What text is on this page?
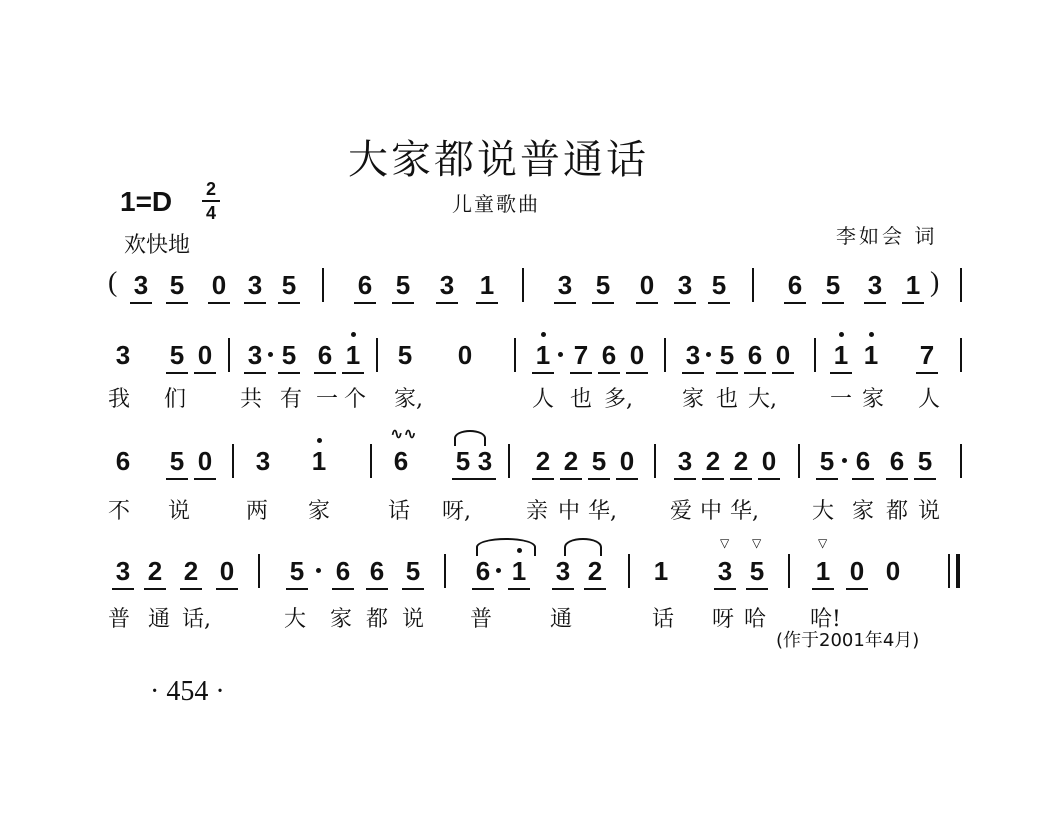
大家都说普通话
儿童歌曲
1=D	2
4
欢快地	李如会 词
( 3 5 0 3 5 6 5 3 1 3 5 0 3 5 6 5 3 1 )
3 5 0 3 5 6 1 5 0 1 7 6 0 3 5 6 0 1 1 7
我 们 共 有 一 个 家,	人 也 多, 家 也 大, 一 家 人
6 5 0 3 1
∿∿
6 5 3 2 2 5 0 3 2 2 0 5 6 6 5
不 说	两 家	话 呀,	亲 中 华, 爱 中 华, 大 家 都 说
3 2 2 0 5 6 6 5 6 1 3 2 1
▽
3
▽
5
▽
1 0 0
普 通 话,	大 家 都 说 普	通	话 呀 哈 哈!
(作于2001年4月)
· 454 ·
